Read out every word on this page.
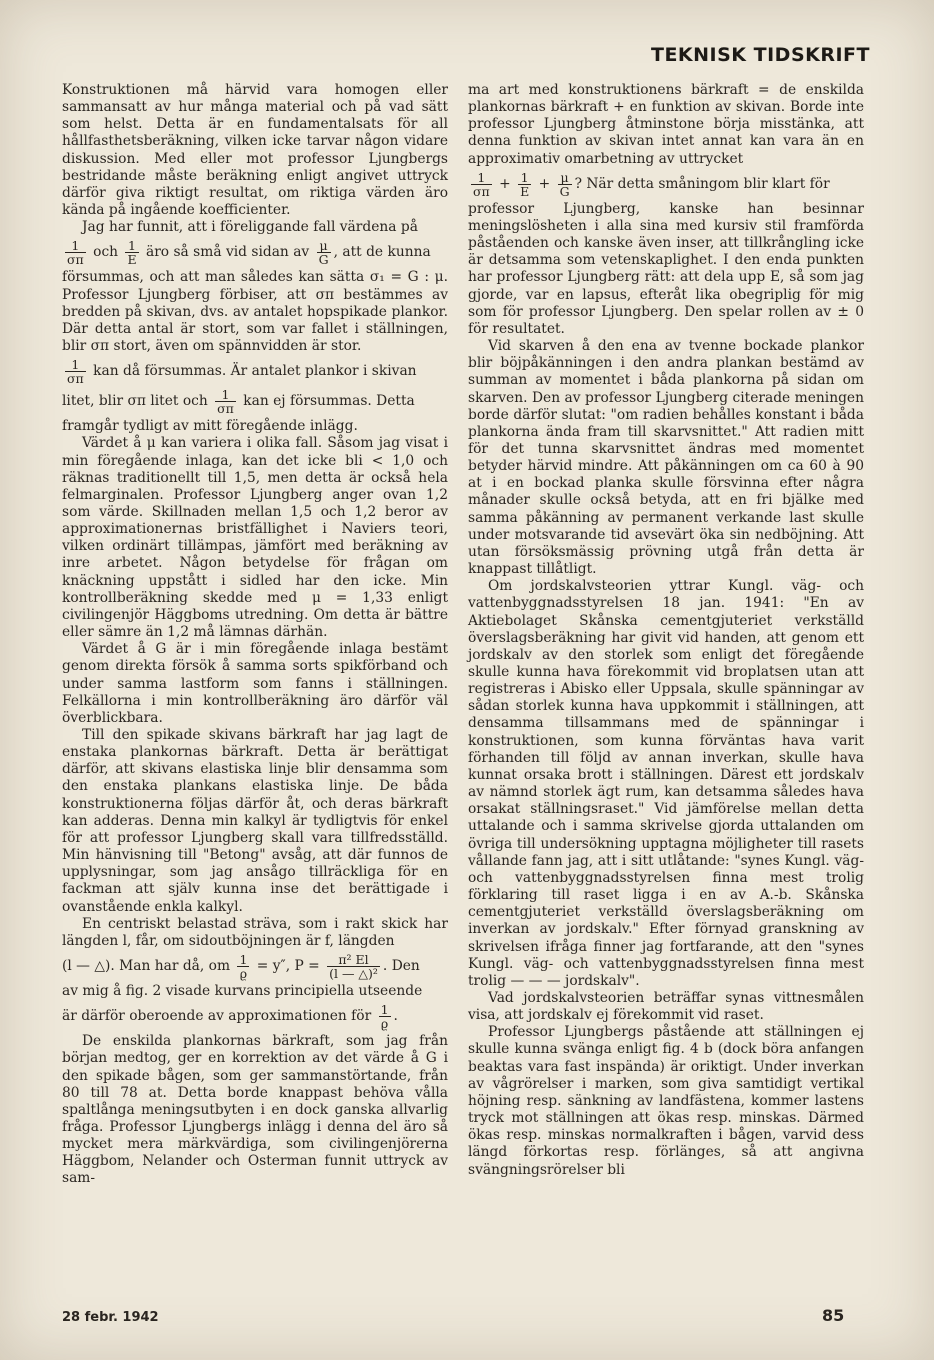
TEKNISK TIDSKRIFT

Konstruktionen må härvid vara homogen eller sammansatt av hur många material och på vad sätt som helst. Detta är en fundamentalsats för all hållfasthetsberäkning, vilken icke tarvar någon vidare diskussion. Med eller mot professor Ljungbergs bestridande måste beräkning enligt angivet uttryck därför giva riktigt resultat, om riktiga värden äro kända på ingående koefficienter.

Jag har funnit, att i föreliggande fall värdena på

$\frac{1}{\sigma\pi}$ och $\frac{1}{E}$ äro så små vid sidan av $\frac{\mu}{G}$ , att de kunna

försummas, och att man således kan sätta σ₁ = G : μ. Professor Ljungberg förbiser, att σπ bestämmes av bredden på skivan, dvs. av antalet hopspikade plankor. Där detta antal är stort, som var fallet i ställningen, blir σπ stort, även om spännvidden är stor.

$\frac{1}{\sigma\pi}$ kan då försummas. Är antalet plankor i skivan
litet, blir σπ litet och $\frac{1}{\sigma\pi}$ kan ej försummas. Detta

framgår tydligt av mitt föregående inlägg.

Värdet å μ kan variera i olika fall. Såsom jag visat i min föregående inlaga, kan det icke bli < 1,0 och räknas traditionellt till 1,5, men detta är också hela felmarginalen. Professor Ljungberg anger ovan 1,2 som värde. Skillnaden mellan 1,5 och 1,2 beror av approximationernas bristfällighet i Naviers teori, vilken ordinärt tillämpas, jämfört med beräkning av inre arbetet. Någon betydelse för frågan om knäckning uppstått i sidled har den icke. Min kontrollberäkning skedde med μ = 1,33 enligt civilingenjör Häggboms utredning. Om detta är bättre eller sämre än 1,2 må lämnas därhän.

Värdet å G är i min föregående inlaga bestämt genom direkta försök å samma sorts spikförband och under samma lastform som fanns i ställningen. Felkällorna i min kontrollberäkning äro därför väl överblickbara.

Till den spikade skivans bärkraft har jag lagt de enstaka plankornas bärkraft. Detta är berättigat därför, att skivans elastiska linje blir densamma som den enstaka plankans elastiska linje. De båda konstruktionerna följas därför åt, och deras bärkraft kan adderas. Denna min kalkyl är tydligtvis för enkel för att professor Ljungberg skall vara tillfredsställd. Min hänvisning till "Betong" avsåg, att där funnos de upplysningar, som jag ansågo tillräckliga för en fackman att själv kunna inse det berättigade i ovanstående enkla kalkyl.

En centriskt belastad sträva, som i rakt skick har längden l, får, om sidoutböjningen är f, längden

(l — △). Man har då, om $\frac{1}{ϱ} = y''$, $P = \frac{\text{π² El}}{\text{(l — △)²}}$ . Den

av mig å fig. 2 visade kurvans principiella utseende

är därför oberoende av approximationen för $\frac{1}{ϱ}$ .

De enskilda plankornas bärkraft, som jag från början medtog, ger en korrektion av det värde å G i den spikade bågen, som ger sammanstörtande, från 80 till 78 at. Detta borde knappast behöva vålla spaltlånga meningsutbyten i en dock ganska allvarlig fråga. Professor Ljungbergs inlägg i denna del äro så mycket mera märkvärdiga, som civilingenjörerna Häggbom, Nelander och Osterman funnit uttryck av sam-

ma art med konstruktionens bärkraft = de enskilda plankornas bärkraft + en funktion av skivan. Borde inte professor Ljungberg åtminstone börja misstänka, att denna funktion av skivan intet annat kan vara än en approximativ omarbetning av uttrycket

$\frac{1}{\sigma\pi} + \frac{1}{E} + \frac{\mu}{G}$ ? När detta småningom blir klart för

professor Ljungberg, kanske han besinnar meningslösheten i alla sina med kursiv stil framförda påståenden och kanske även inser, att tillkrångling icke är detsamma som vetenskaplighet. I den enda punkten har professor Ljungberg rätt: att dela upp E, så som jag gjorde, var en lapsus, efteråt lika obegriplig för mig som för professor Ljungberg. Den spelar rollen av ± 0 för resultatet.

Vid skarven å den ena av tvenne bockade plankor blir böjpåkänningen i den andra plankan bestämd av summan av momentet i båda plankorna på sidan om skarven. Den av professor Ljungberg citerade meningen borde därför slutat: "om radien behålles konstant i båda plankorna ända fram till skarvsnittet." Att radien mitt för det tunna skarvsnittet ändras med momentet betyder härvid mindre. Att påkänningen om ca 60 à 90 at i en bockad planka skulle försvinna efter några månader skulle också betyda, att en fri bjälke med samma påkänning av permanent verkande last skulle under motsvarande tid avsevärt öka sin nedböjning. Att utan försöksmässig prövning utgå från detta är knappast tillåtligt.

Om jordskalvsteorien yttrar Kungl. väg- och vattenbyggnadsstyrelsen 18 jan. 1941: "En av Aktiebolaget Skånska cementgjuteriet verkställd överslagsberäkning har givit vid handen, att genom ett jordskalv av den storlek som enligt det föregående skulle kunna hava förekommit vid broplatsen utan att registreras i Abisko eller Uppsala, skulle spänningar av sådan storlek kunna hava uppkommit i ställningen, att densamma tillsammans med de spänningar i konstruktionen, som kunna förväntas hava varit förhanden till följd av annan inverkan, skulle hava kunnat orsaka brott i ställningen. Därest ett jordskalv av nämnd storlek ägt rum, kan detsamma således hava orsakat ställningsraset." Vid jämförelse mellan detta uttalande och i samma skrivelse gjorda uttalanden om övriga till undersökning upptagna möjligheter till rasets vållande fann jag, att i sitt utlåtande: "synes Kungl. väg- och vattenbyggnadsstyrelsen finna mest trolig förklaring till raset ligga i en av A.-b. Skånska cementgjuteriet verkställd överslagsberäkning om inverkan av jordskalv." Efter förnyad granskning av skrivelsen ifråga finner jag fortfarande, att den "synes Kungl. väg- och vattenbyggnadsstyrelsen finna mest trolig — — — jordskalv".

Vad jordskalvsteorien beträffar synas vittnesmålen visa, att jordskalv ej förekommit vid raset.

Professor Ljungbergs påstående att ställningen ej skulle kunna svänga enligt fig. 4 b (dock böra anfangen beaktas vara fast inspända) är oriktigt. Under inverkan av vågrörelser i marken, som giva samtidigt vertikal höjning resp. sänkning av landfästena, kommer lastens tryck mot ställningen att ökas resp. minskas. Därmed ökas resp. minskas normalkraften i bågen, varvid dess längd förkortas resp. förlänges, så att angivna svängningsrörelser bli

28 febr. 1942	85
